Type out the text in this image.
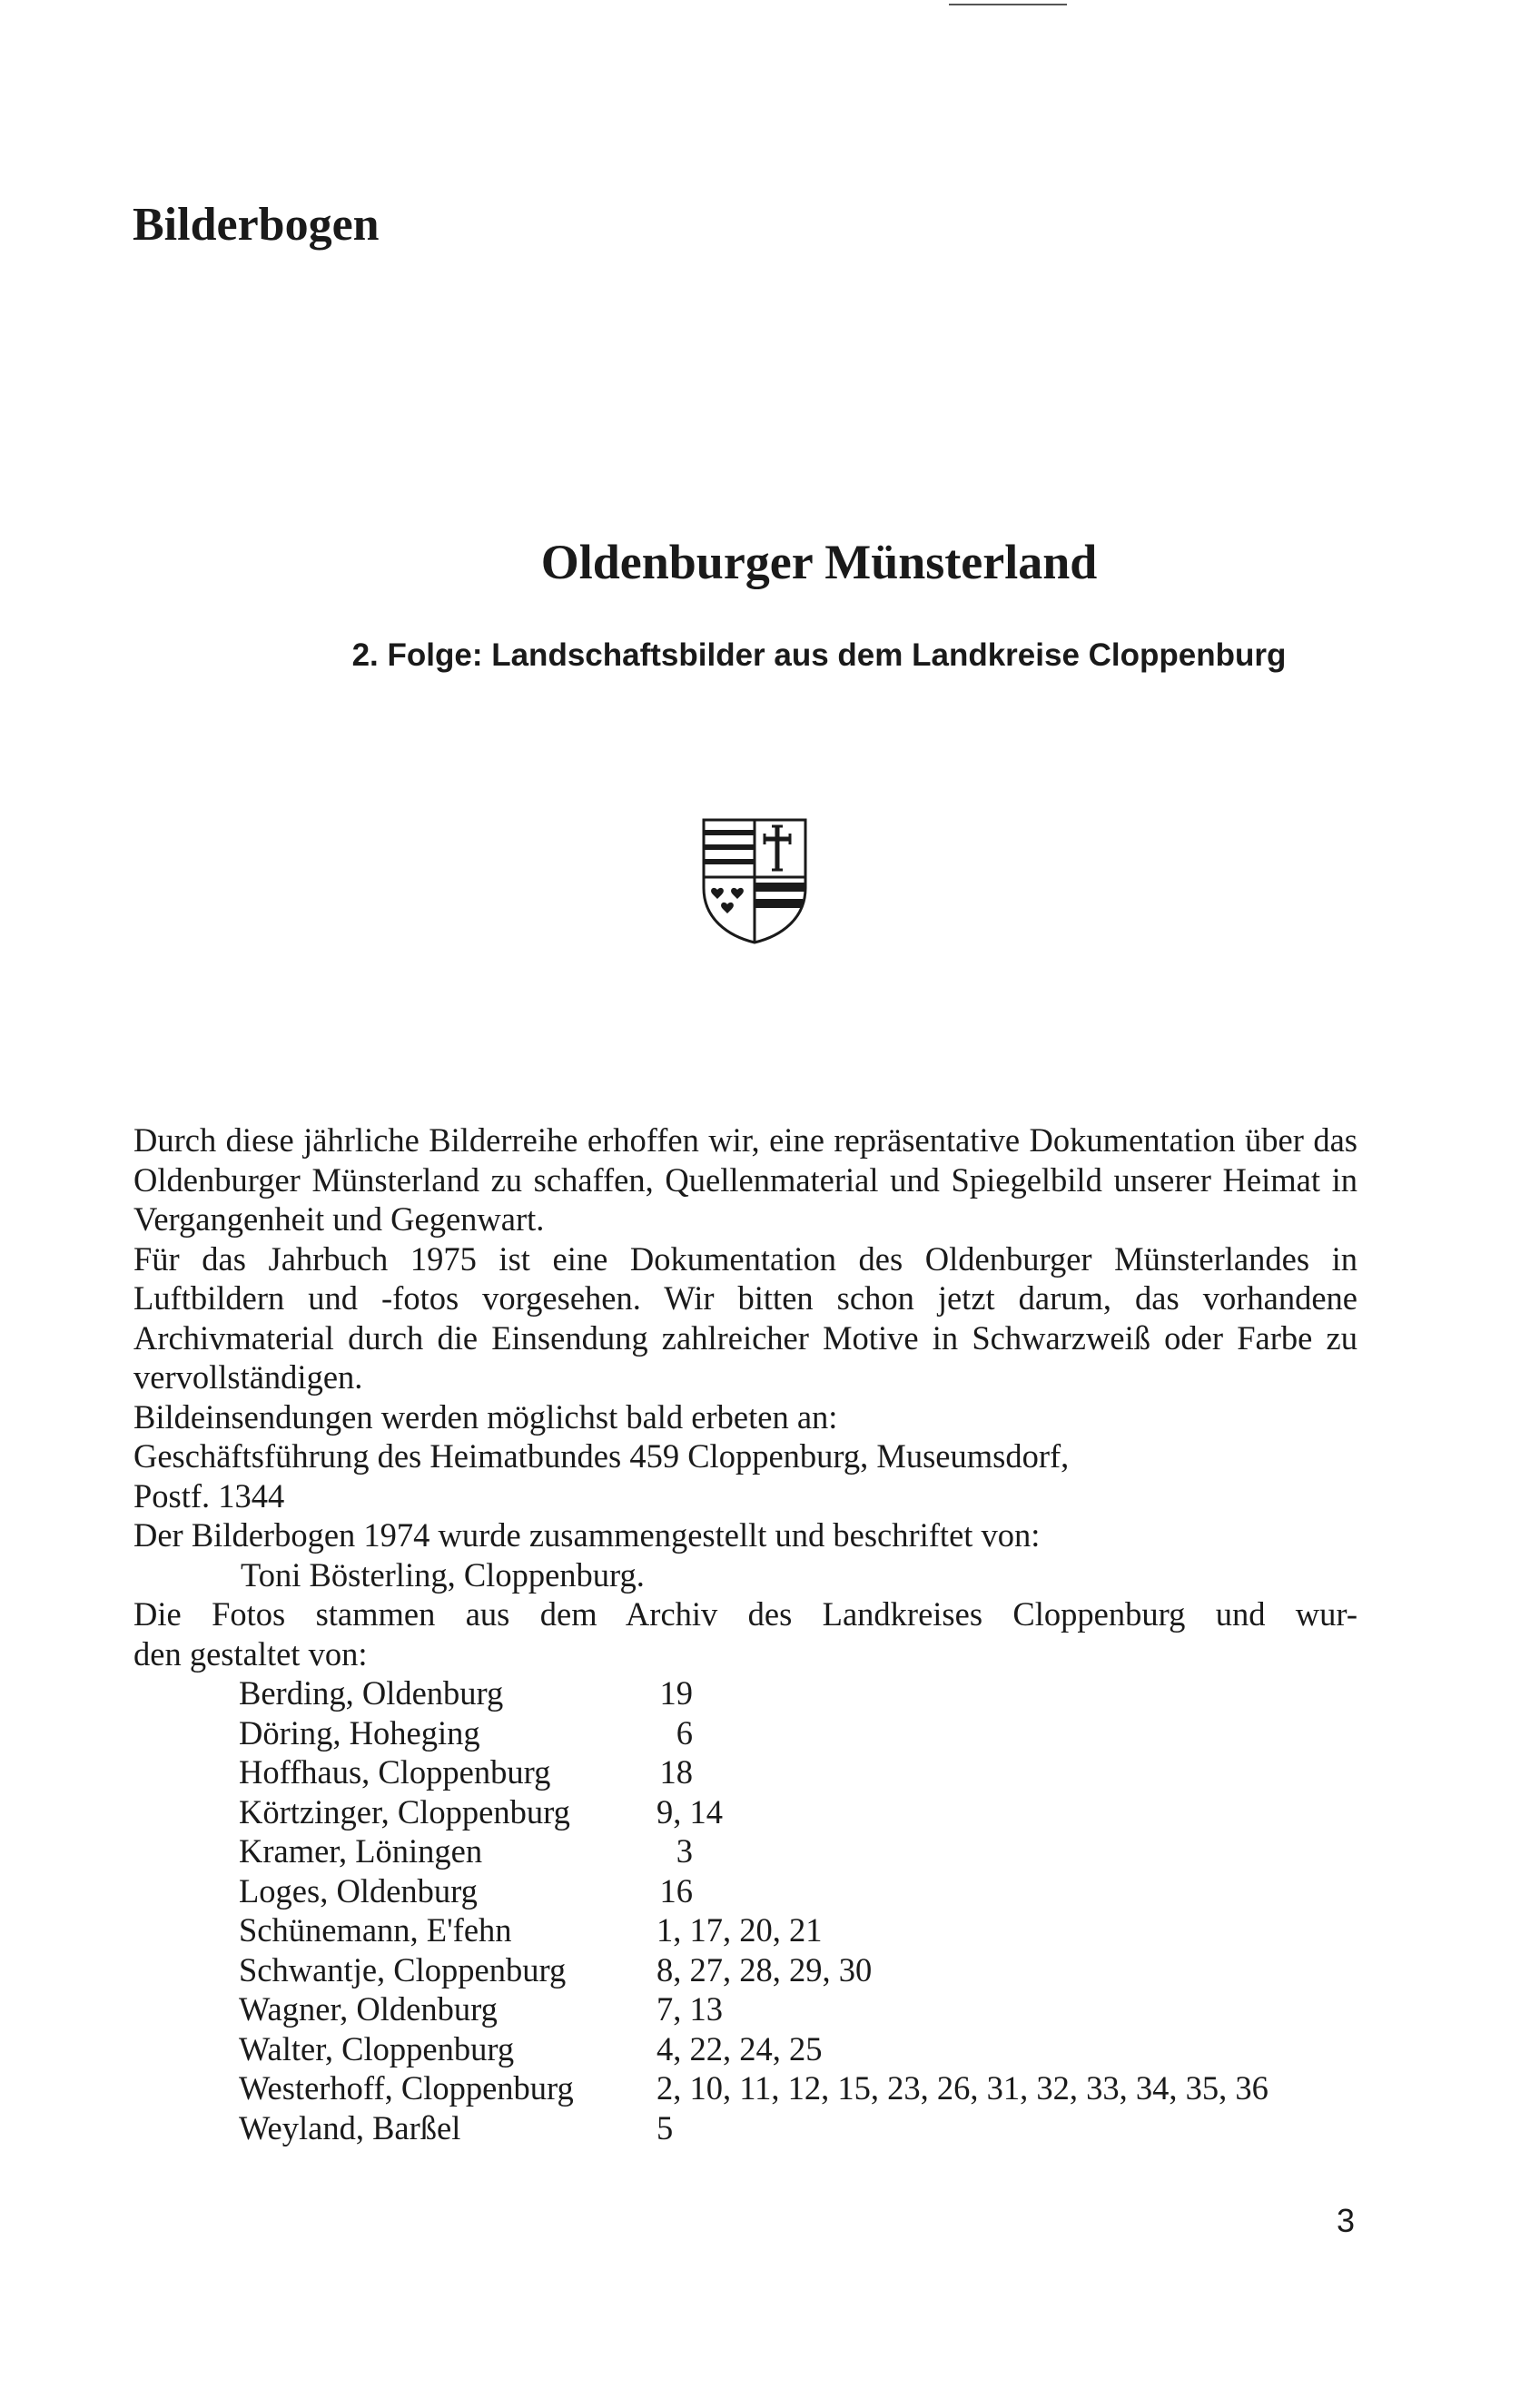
Bilderbogen
Oldenburger Münsterland
2. Folge: Landschaftsbilder aus dem Landkreise Cloppenburg

Durch diese jährliche Bilderreihe erhoffen wir, eine repräsentative Dokumentation über das Oldenburger Münsterland zu schaffen, Quellenmaterial und Spiegelbild unserer Heimat in Vergangenheit und Gegenwart.

Für das Jahrbuch 1975 ist eine Dokumentation des Oldenburger Münsterlandes in Luftbildern und -fotos vorgesehen. Wir bitten schon jetzt darum, das vorhandene Archivmaterial durch die Einsendung zahlreicher Motive in Schwarzweiß oder Farbe zu vervollständigen.

Bildeinsendungen werden möglichst bald erbeten an:

Geschäftsführung des Heimatbundes 459 Cloppenburg, Museumsdorf,

Postf. 1344

Der Bilderbogen 1974 wurde zusammengestellt und beschriftet von:

Toni Bösterling, Cloppenburg.

Die Fotos stammen aus dem Archiv des Landkreises Cloppenburg und wur-

den gestaltet von:

Berding, Oldenburg	19
Döring, Hoheging	6
Hoffhaus, Cloppenburg	18
Körtzinger, Cloppenburg	9, 14
Kramer, Löningen	3
Loges, Oldenburg	16
Schünemann, E'fehn	1, 17, 20, 21
Schwantje, Cloppenburg	8, 27, 28, 29, 30
Wagner, Oldenburg	7, 13
Walter, Cloppenburg	4, 22, 24, 25
Westerhoff, Cloppenburg	2, 10, 11, 12, 15, 23, 26, 31, 32, 33, 34, 35, 36
Weyland, Barßel	5
3
